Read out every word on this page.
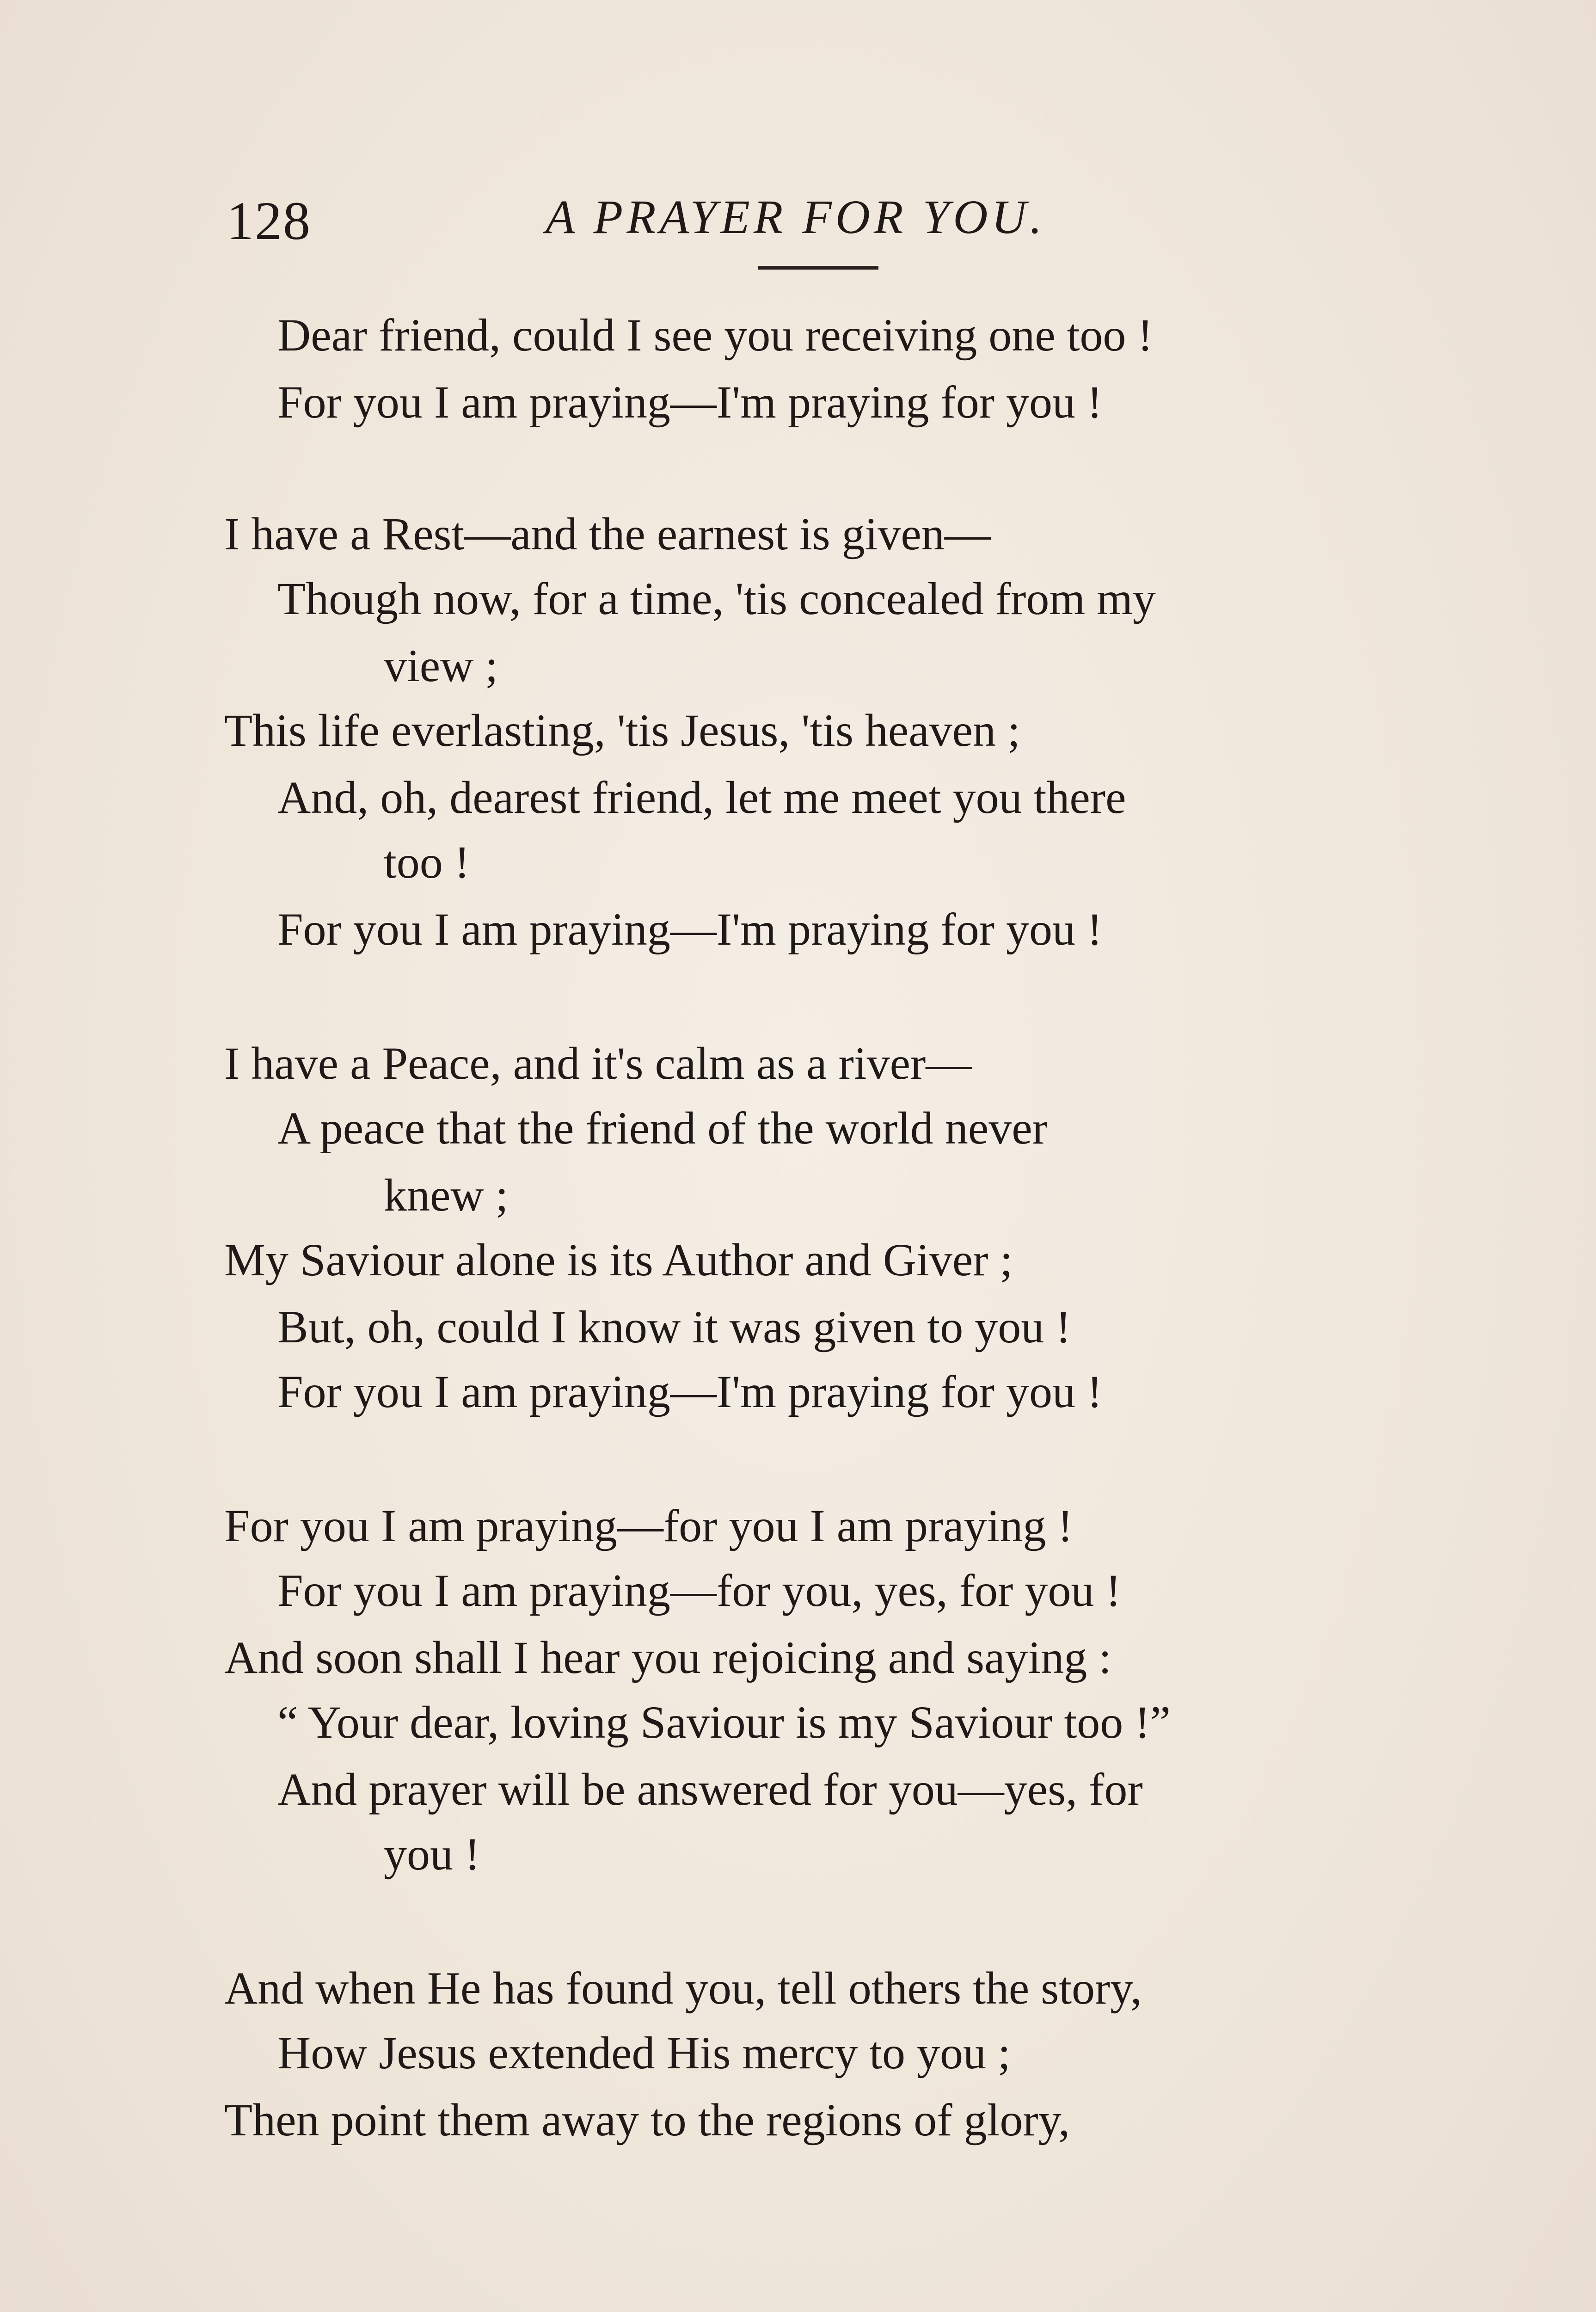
128	A PRAYER FOR YOU.
Dear friend, could I see you receiving one too !
For you I am praying—I'm praying for you !
I have a Rest—and the earnest is given—
Though now, for a time, 'tis concealed from my
view ;
This life everlasting, 'tis Jesus, 'tis heaven ;
And, oh, dearest friend, let me meet you there
too !
For you I am praying—I'm praying for you !
I have a Peace, and it's calm as a river—
A peace that the friend of the world never
knew ;
My Saviour alone is its Author and Giver ;
But, oh, could I know it was given to you !
For you I am praying—I'm praying for you !
For you I am praying—for you I am praying !
For you I am praying—for you, yes, for you !
And soon shall I hear you rejoicing and saying :
“ Your dear, loving Saviour is my Saviour too !”
And prayer will be answered for you—yes, for
you !
And when He has found you, tell others the story,
How Jesus extended His mercy to you ;
Then point them away to the regions of glory,
